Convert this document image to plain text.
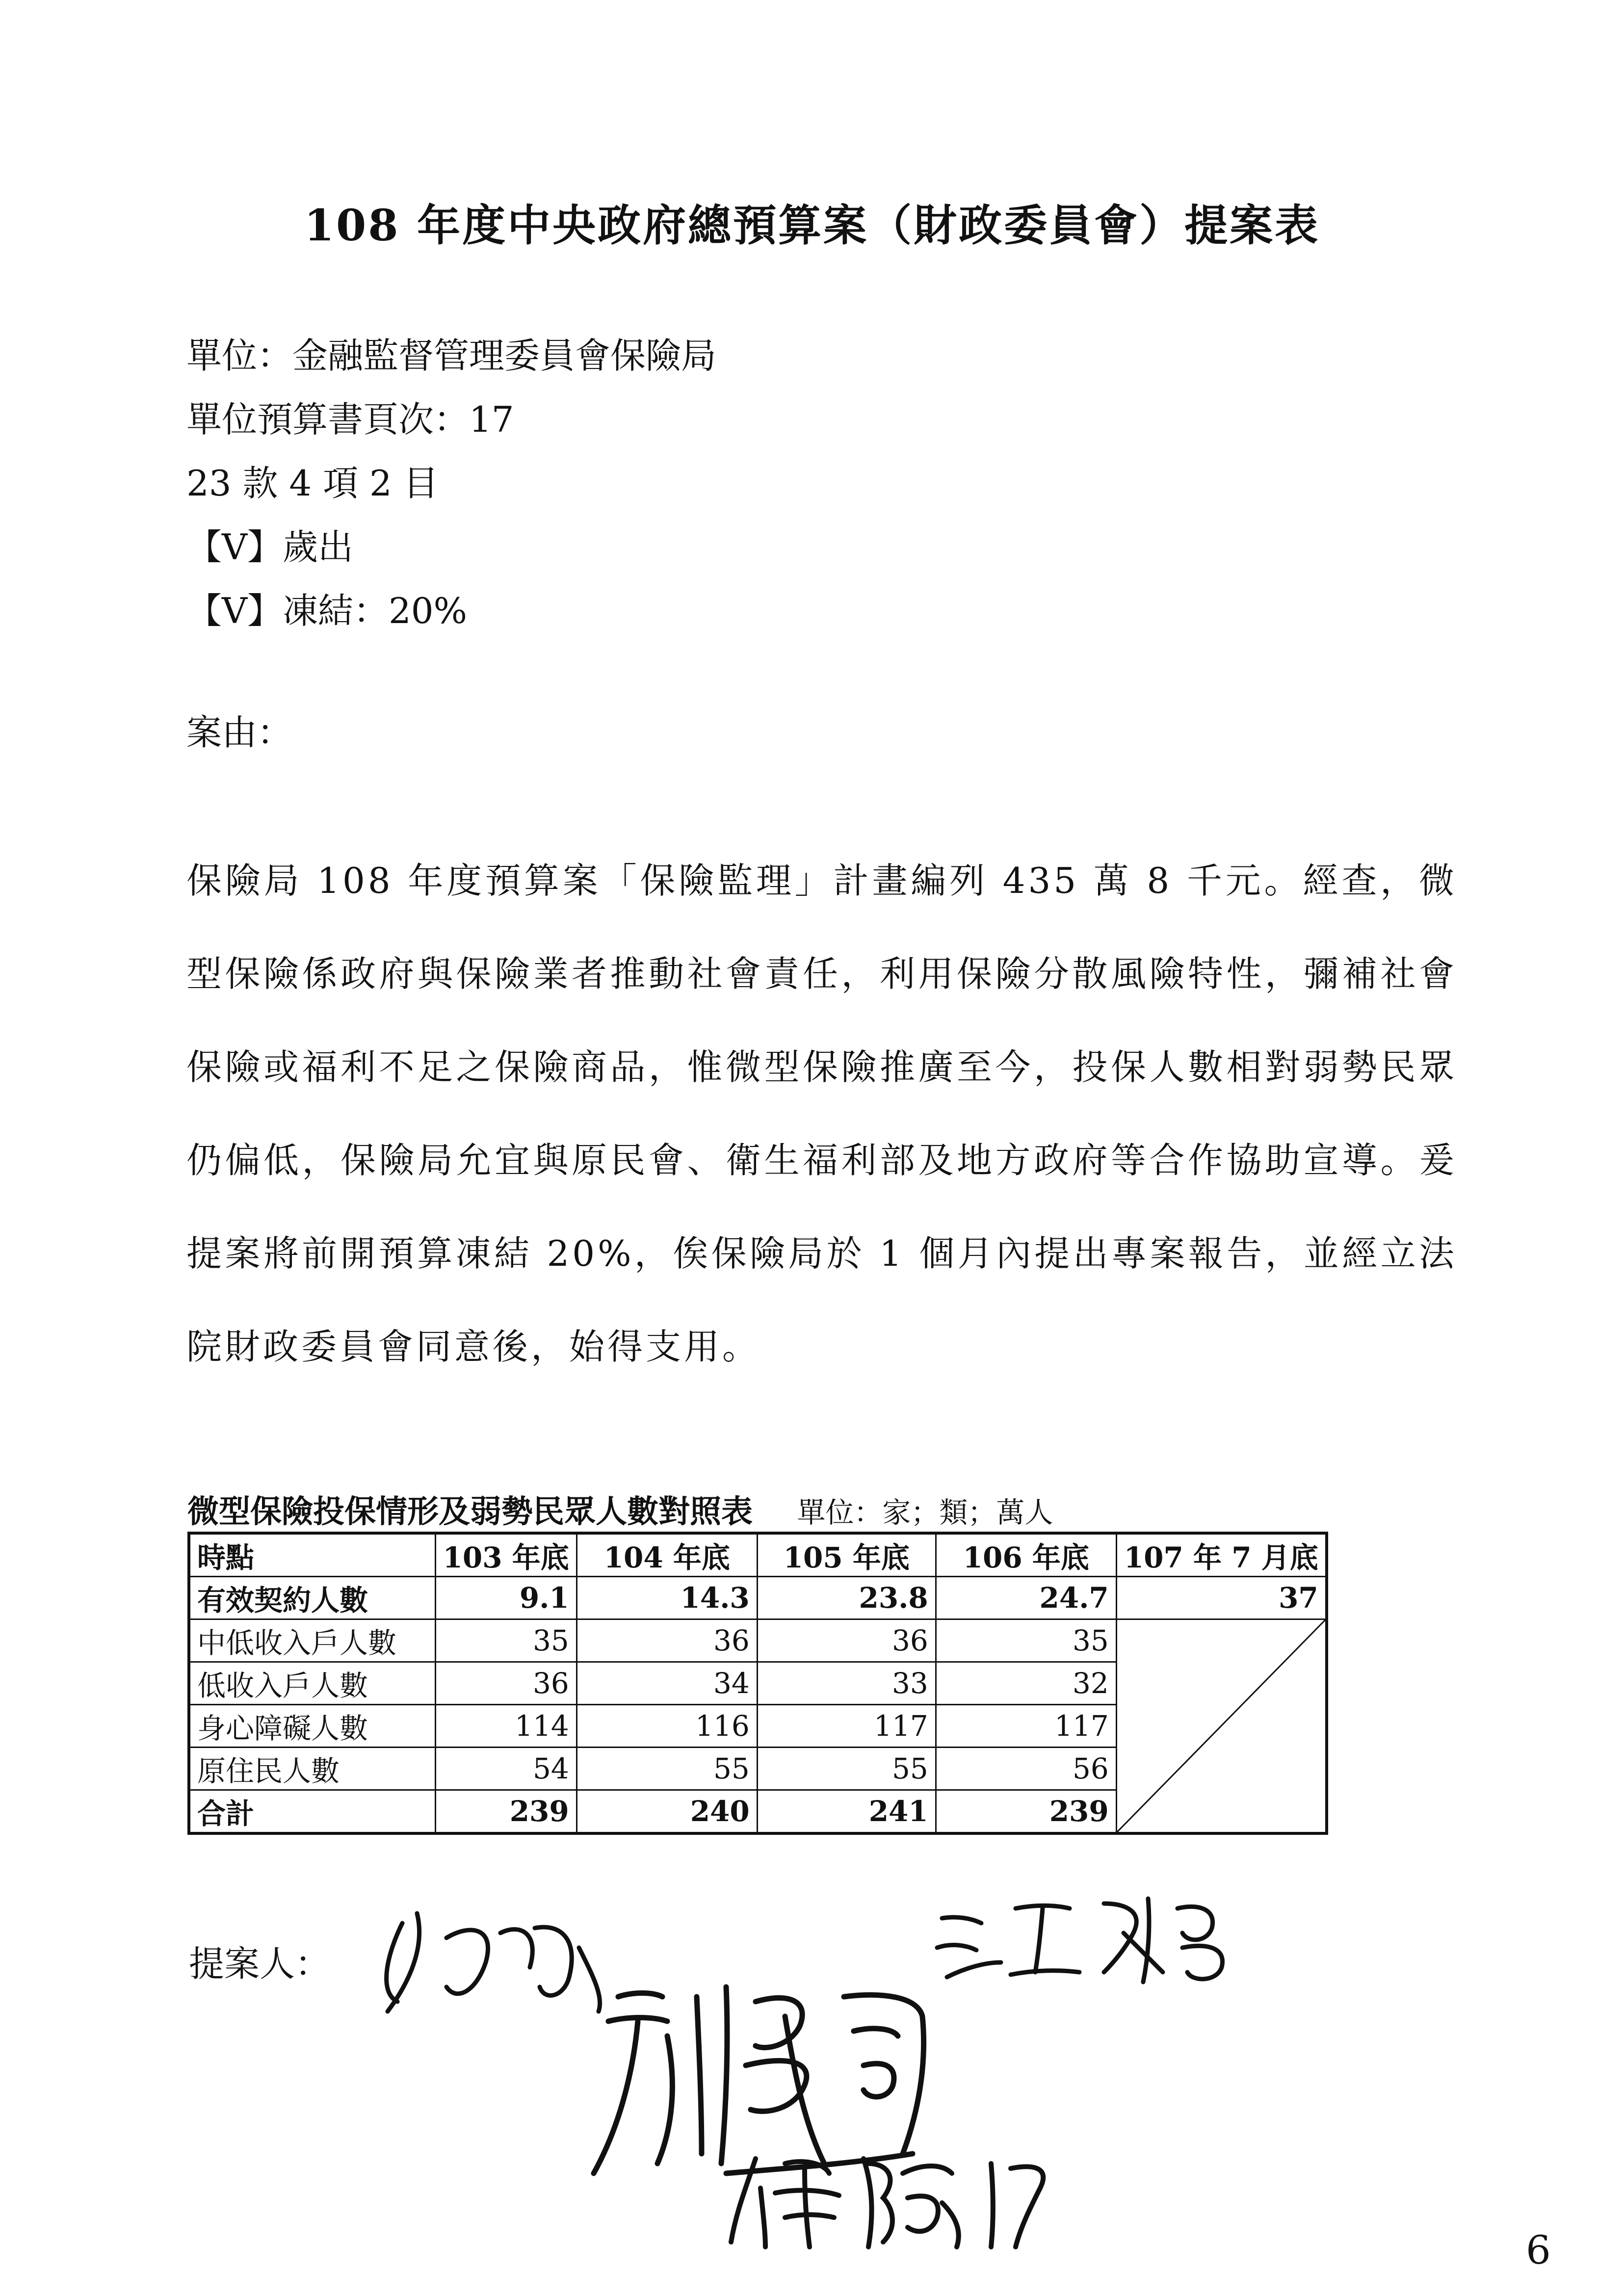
108 年度中央政府總預算案（財政委員會）提案表
單位：金融監督管理委員會保險局
單位預算書頁次：17
23 款 4 項 2 目
【V】歲出
【V】凍結：20%
案由：
保險局 108 年度預算案「保險監理」計畫編列 435 萬 8 千元。經查，微型保險係政府與保險業者推動社會責任，利用保險分散風險特性，彌補社會保險或福利不足之保險商品，惟微型保險推廣至今，投保人數相對弱勢民眾仍偏低，保險局允宜與原民會、衛生福利部及地方政府等合作協助宣導。爰提案將前開預算凍結 20%，俟保險局於 1 個月內提出專案報告，並經立法院財政委員會同意後，始得支用。
微型保險投保情形及弱勢民眾人數對照表 單位：家；類；萬人
時點	103 年底	104 年底	105 年底	106 年底	107 年 7 月底
有效契約人數	9.1	14.3	23.8	24.7	37
中低收入戶人數	35	36	36	35	

低收入戶人數	36	34	33	32	
身心障礙人數	114	116	117	117	
原住民人數	54	55	55	56	
合計	239	240	241	239	
提案人：
6
